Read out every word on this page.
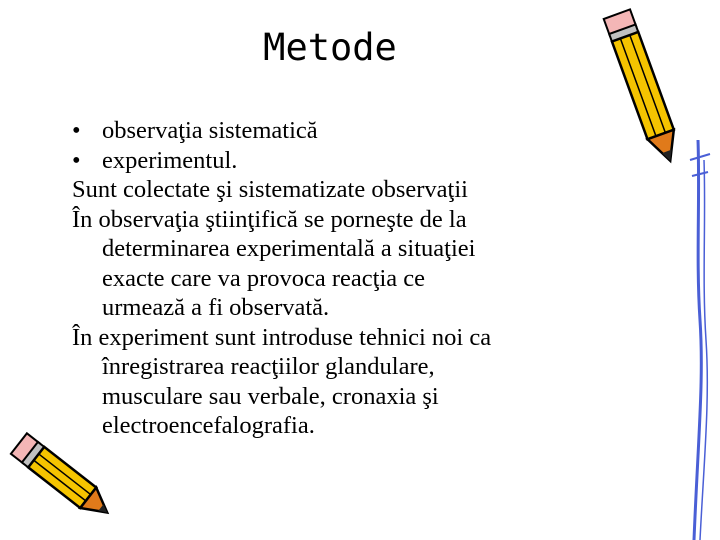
Metode
• observaţia sistematică
• experimentul.
Sunt colectate şi sistematizate observaţii
În observaţia ştiinţifică se porneşte de la
determinarea experimentală a situaţiei
exacte care va provoca reacţia ce
urmează a fi observată.
În experiment sunt introduse tehnici noi ca
înregistrarea reacţiilor glandulare,
musculare sau verbale, cronaxia şi
electroencefalografia.
